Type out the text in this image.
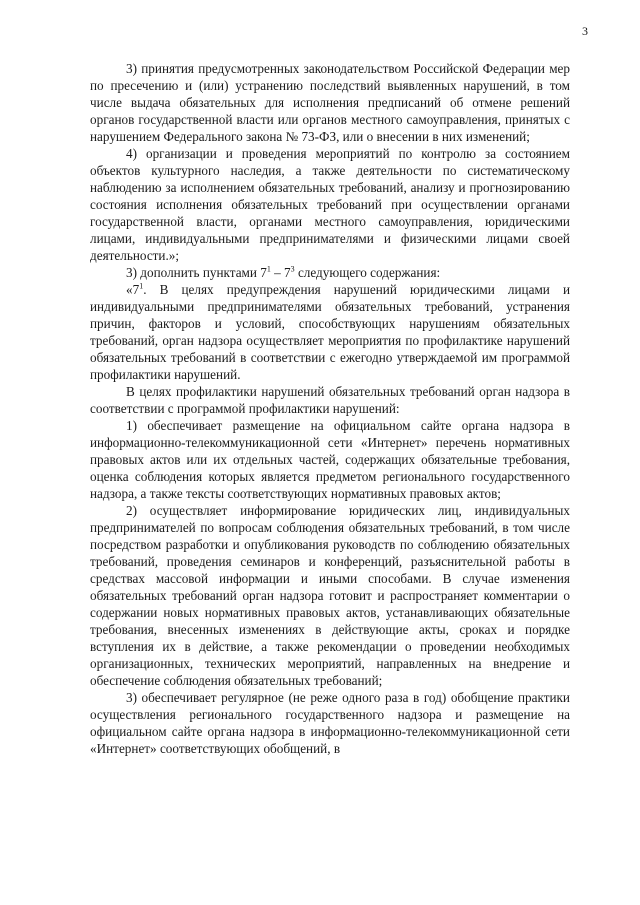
3

3) принятия предусмотренных законодательством Российской Федерации мер по пресечению и (или) устранению последствий выявленных нарушений, в том числе выдача обязательных для исполнения предписаний об отмене решений органов государственной власти или органов местного самоуправления, принятых с нарушением Федерального закона № 73-ФЗ, или о внесении в них изменений;

4) организации и проведения мероприятий по контролю за состоянием объектов культурного наследия, а также деятельности по систематическому наблюдению за исполнением обязательных требований, анализу и прогнозированию состояния исполнения обязательных требований при осуществлении органами государственной власти, органами местного самоуправления, юридическими лицами, индивидуальными предпринимателями и физическими лицами своей деятельности.»;

3) дополнить пунктами $7^1 - 7^3$ следующего содержания:

«$7^1$. В целях предупреждения нарушений юридическими лицами и индивидуальными предпринимателями обязательных требований, устранения причин, факторов и условий, способствующих нарушениям обязательных требований, орган надзора осуществляет мероприятия по профилактике нарушений обязательных требований в соответствии с ежегодно утверждаемой им программой профилактики нарушений.

В целях профилактики нарушений обязательных требований орган надзора в соответствии с программой профилактики нарушений:

1) обеспечивает размещение на официальном сайте органа надзора в информационно-телекоммуникационной сети «Интернет» перечень нормативных правовых актов или их отдельных частей, содержащих обязательные требования, оценка соблюдения которых является предметом регионального государственного надзора, а также тексты соответствующих нормативных правовых актов;

2) осуществляет информирование юридических лиц, индивидуальных предпринимателей по вопросам соблюдения обязательных требований, в том числе посредством разработки и опубликования руководств по соблюдению обязательных требований, проведения семинаров и конференций, разъяснительной работы в средствах массовой информации и иными способами. В случае изменения обязательных требований орган надзора готовит и распространяет комментарии о содержании новых нормативных правовых актов, устанавливающих обязательные требования, внесенных изменениях в действующие акты, сроках и порядке вступления их в действие, а также рекомендации о проведении необходимых организационных, технических мероприятий, направленных на внедрение и обеспечение соблюдения обязательных требований;

3) обеспечивает регулярное (не реже одного раза в год) обобщение практики осуществления регионального государственного надзора и размещение на официальном сайте органа надзора в информационно-телекоммуникационной сети «Интернет» соответствующих обобщений, в
